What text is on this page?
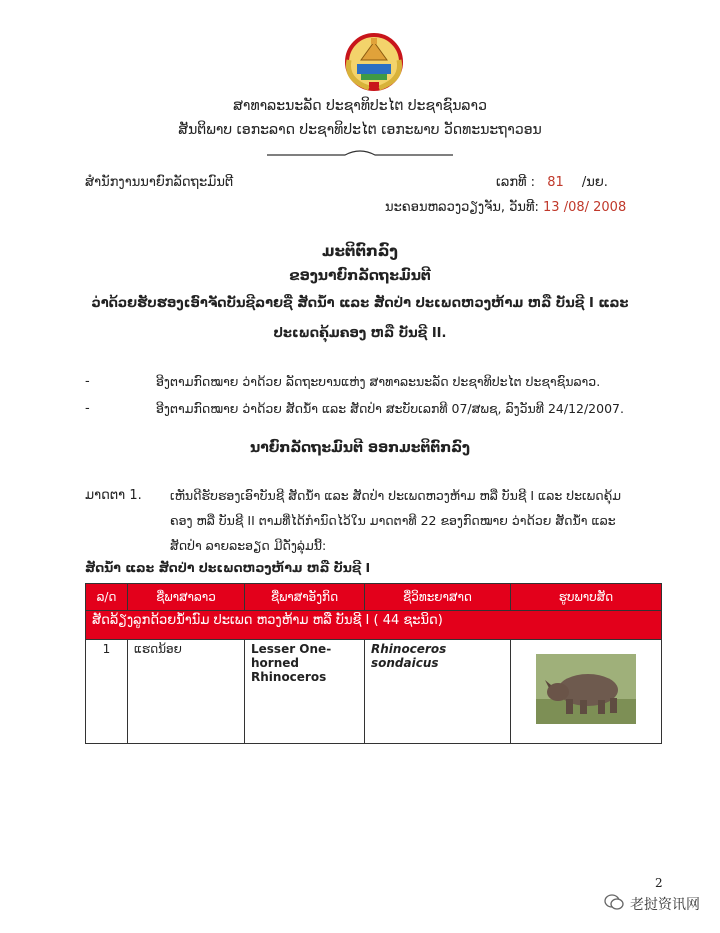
ສາທາລະນະລັດ ປະຊາທິປະໄຕ ປະຊາຊົນລາວ
ສັນຕິພາບ ເອກະລາດ ປະຊາທິປະໄຕ ເອກະພາບ ວັດທະນະຖາວອນ
ສຳນັກງານນາຍົກລັດຖະມົນຕີ	ເລກທີ : 81 /ນຍ.
ນະຄອນຫລວງວຽງຈັນ, ວັນທີ: 13 /08/ 2008
ມະຕິຕົກລົງ
ຂອງນາຍົກລັດຖະມົນຕີ
ວ່າດ້ວຍຮັບຮອງເອົາຈັດບັນຊີລາຍຊື່ ສັດນ້ຳ ແລະ ສັດປ່າ ປະເພດຫວງຫ້າມ ຫລື ບັນຊີ I ແລະ
ປະເພດຄຸ້ມຄອງ ຫລື ບັນຊີ II.
-	ອີງຕາມກົດໝາຍ ວ່າດ້ວຍ ລັດຖະບານແຫ່ງ ສາທາລະນະລັດ ປະຊາທິປະໄຕ ປະຊາຊົນລາວ.
-	ອີງຕາມກົດໝາຍ ວ່າດ້ວຍ ສັດນ້ຳ ແລະ ສັດປ່າ ສະບັບເລກທີ 07/ສພຊ, ລົງວັນທີ 24/12/2007.
ນາຍົກລັດຖະມົນຕີ ອອກມະຕິຕົກລົງ
ມາດຕາ 1. ເຫັນດີຮັບຮອງເອົາບັນຊີ ສັດນ້ຳ ແລະ ສັດປ່າ ປະເພດຫວງຫ້າມ ຫລື ບັນຊີ I ແລະ ປະເພດຄຸ້ມ
ຄອງ ຫລື ບັນຊີ II ຕາມທີ່ໄດ້ກຳນົດໄວ້ໃນ ມາດຕາທີ 22 ຂອງກົດໝາຍ ວ່າດ້ວຍ ສັດນ້ຳ ແລະ
ສັດປ່າ ລາຍລະອຽດ ມີດັ່ງລຸ່ມນີ້:
ສັດນ້ຳ ແລະ ສັດປ່າ ປະເພດຫວງຫ້າມ ຫລື ບັນຊີ I
ລ/ດ	ຊື່ພາສາລາວ	ຊື່ພາສາອັງກິດ	ຊື່ວິທະຍາສາດ	ຮູບພາບສັດ
ສັດລ້ຽງລູກດ້ວຍນ້ຳນົມ ປະເພດ ຫວງຫ້າມ ຫລື ບັນຊີ I ( 44 ຊະນິດ)				
1	ແຮດນ້ອຍ	Lesser One-horned Rhinoceros	Rhinoceros sondaicus	
2
老挝资讯网
